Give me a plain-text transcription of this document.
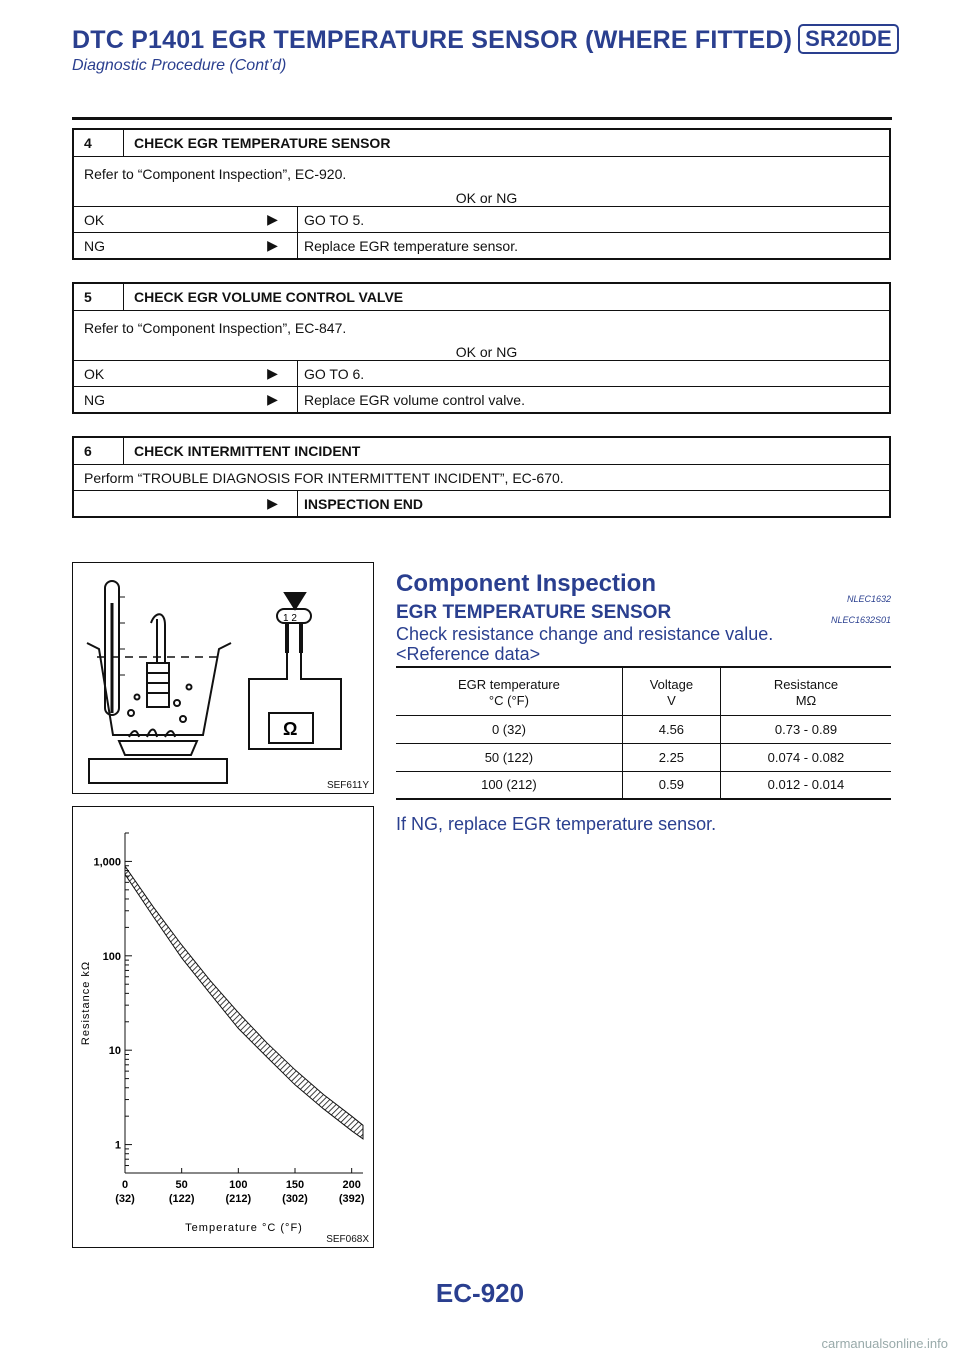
DTC P1401 EGR TEMPERATURE SENSOR (WHERE FITTED) SR20DE
Diagnostic Procedure (Cont’d)
4	CHECK EGR TEMPERATURE SENSOR
Refer to “Component Inspection”, EC-920.
OK or NG
OK	▶	GO TO 5.
NG	▶	Replace EGR temperature sensor.
5	CHECK EGR VOLUME CONTROL VALVE
Refer to “Component Inspection”, EC-847.
OK or NG
OK	▶	GO TO 6.
NG	▶	Replace EGR volume control valve.
6	CHECK INTERMITTENT INCIDENT
Perform “TROUBLE DIAGNOSIS FOR INTERMITTENT INCIDENT”, EC-670.
▶	INSPECTION END
1 2
Ω
SEF611Y
1
10
100
1,000
0
(32)
50
(122)
100
(212)
150
(302)
200
(392)
Temperature °C (°F)
Resistance kΩ
SEF068X
Component Inspection
NLEC1632
EGR TEMPERATURE SENSOR	NLEC1632S01
Check resistance change and resistance value.
<Reference data>
EGR temperature
°C (°F)	Voltage
V	Resistance
MΩ
0 (32)	4.56	0.73 - 0.89
50 (122)	2.25	0.074 - 0.082
100 (212)	0.59	0.012 - 0.014
If NG, replace EGR temperature sensor.
EC-920
carmanualsonline.info
